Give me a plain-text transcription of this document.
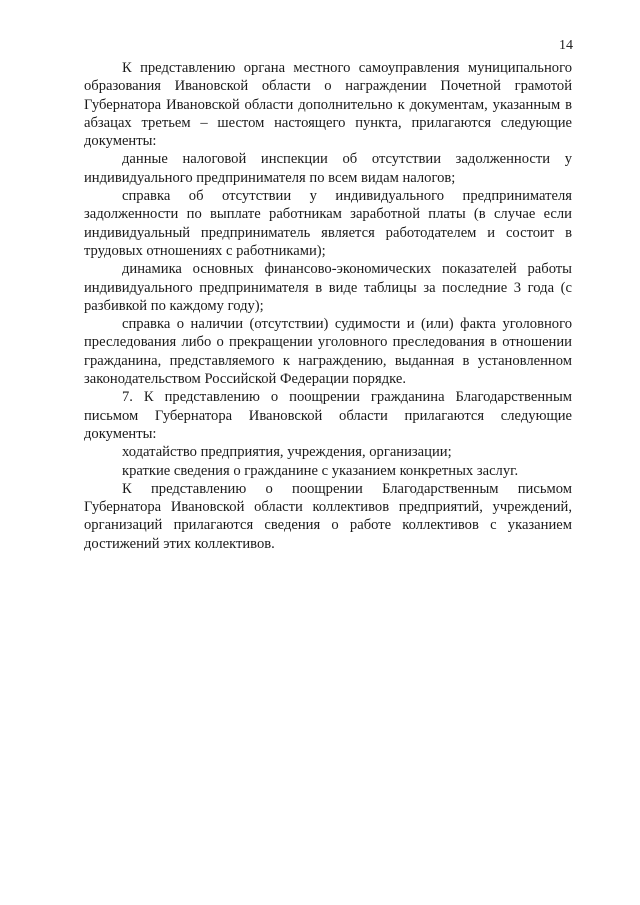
14

К представлению органа местного самоуправления муниципального образования Ивановской области о награждении Почетной грамотой Губернатора Ивановской области дополнительно к документам, указанным в абзацах третьем – шестом настоящего пункта, прилагаются следующие документы:

данные налоговой инспекции об отсутствии задолженности у индивидуального предпринимателя по всем видам налогов;

справка об отсутствии у индивидуального предпринимателя задолженности по выплате работникам заработной платы (в случае если индивидуальный предприниматель является работодателем и состоит в трудовых отношениях с работниками);

динамика основных финансово-экономических показателей работы индивидуального предпринимателя в виде таблицы за последние 3 года (с разбивкой по каждому году);

справка о наличии (отсутствии) судимости и (или) факта уголовного преследования либо о прекращении уголовного преследования в отношении гражданина, представляемого к награждению, выданная в установленном законодательством Российской Федерации порядке.

7. К представлению о поощрении гражданина Благодарственным письмом Губернатора Ивановской области прилагаются следующие документы:

ходатайство предприятия, учреждения, организации;

краткие сведения о гражданине с указанием конкретных заслуг.

К представлению о поощрении Благодарственным письмом Губернатора Ивановской области коллективов предприятий, учреждений, организаций прилагаются сведения о работе коллективов с указанием достижений этих коллективов.
